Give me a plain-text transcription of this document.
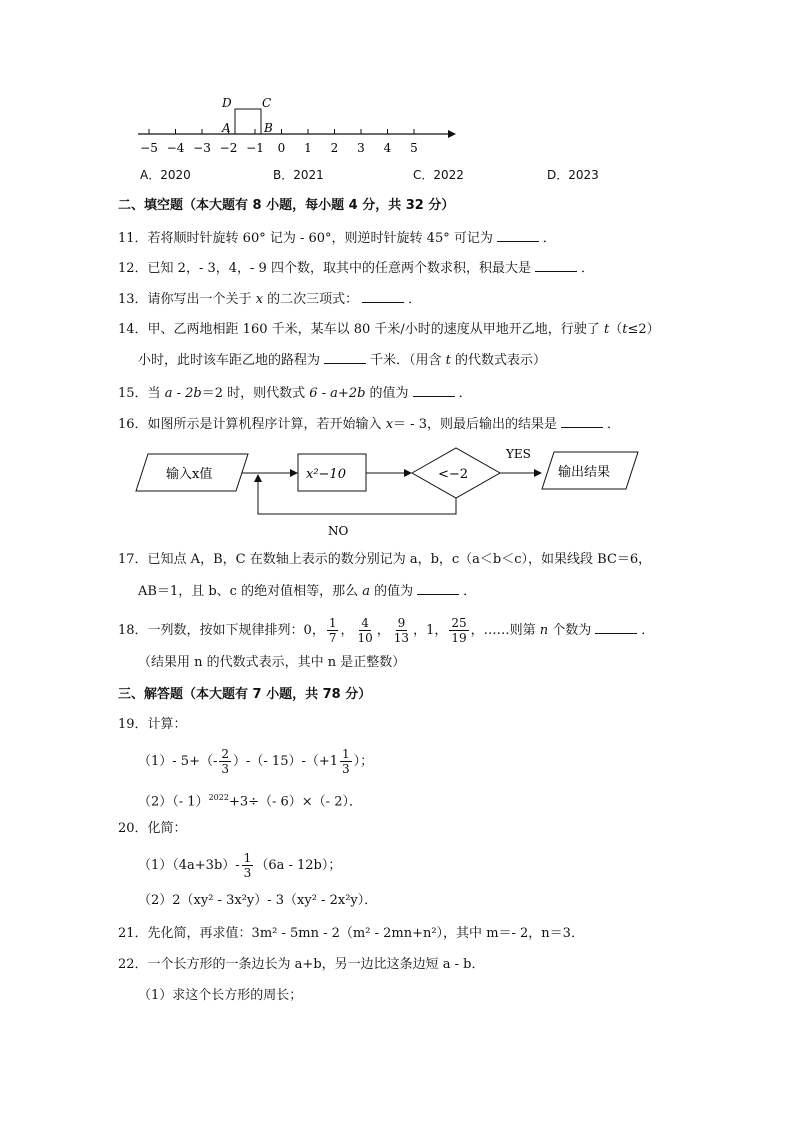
−5 −4 −3 −2 −1 0 1 2 3 4 5
D	C
A	B
A．2020	B．2021	C．2022	D．2023
二、填空题（本大题有 8 小题，每小题 4 分，共 32 分）
11．若将顺时针旋转 60° 记为 - 60°，则逆时针旋转 45° 可记为	．
12．已知 2，- 3，4，- 9 四个数，取其中的任意两个数求积，积最大是	．
13．请你写出一个关于 x 的二次三项式：	．
14．甲、乙两地相距 160 千米，某车以 80 千米/小时的速度从甲地开乙地，行驶了 t（t≤2）
小时，此时该车距乙地的路程为	千米．（用含 t 的代数式表示）
15．当 a - 2b＝2 时，则代数式 6 - a+2b 的值为	．
16．如图所示是计算机程序计算，若开始输入 x＝ - 3，则最后输出的结果是	．
输入x值	x²−10	<−2
YES
输出结果
NO
17．已知点 A，B，C 在数轴上表示的数分别记为 a，b，c（a＜b＜c），如果线段 BC＝6，
AB＝1，且 b、c 的绝对值相等，那么 a 的值为	．
18．一列数，按如下规律排列：0， $\frac{1}{7}$ ， $\frac{4}{10}$ ， $\frac{9}{13}$ ，1， $\frac{25}{19}$ ，……则第 n 个数为	．
（结果用 n 的代数式表示，其中 n 是正整数）
三、解答题（本大题有 7 小题，共 78 分）
19．计算：
（1）- $5+(- \frac{2}{3}$ ）-（- $15)-(+1 \frac{1}{3}$ ）；
（2）（- 1）$^{2022}$+3÷（- 6）×（- 2）．
20．化简：
$(1)(4a+3b)- \frac{1}{3} (6a - 12b)$；
（2）2（xy² - 3x²y）- 3（xy² - 2x²y）．
21．先化简，再求值：3m² - 5mn - 2（m² - 2mn+n²），其中 m＝- 2，n＝3．
22．一个长方形的一条边长为 a+b，另一边比这条边短 a - b．
（1）求这个长方形的周长；
